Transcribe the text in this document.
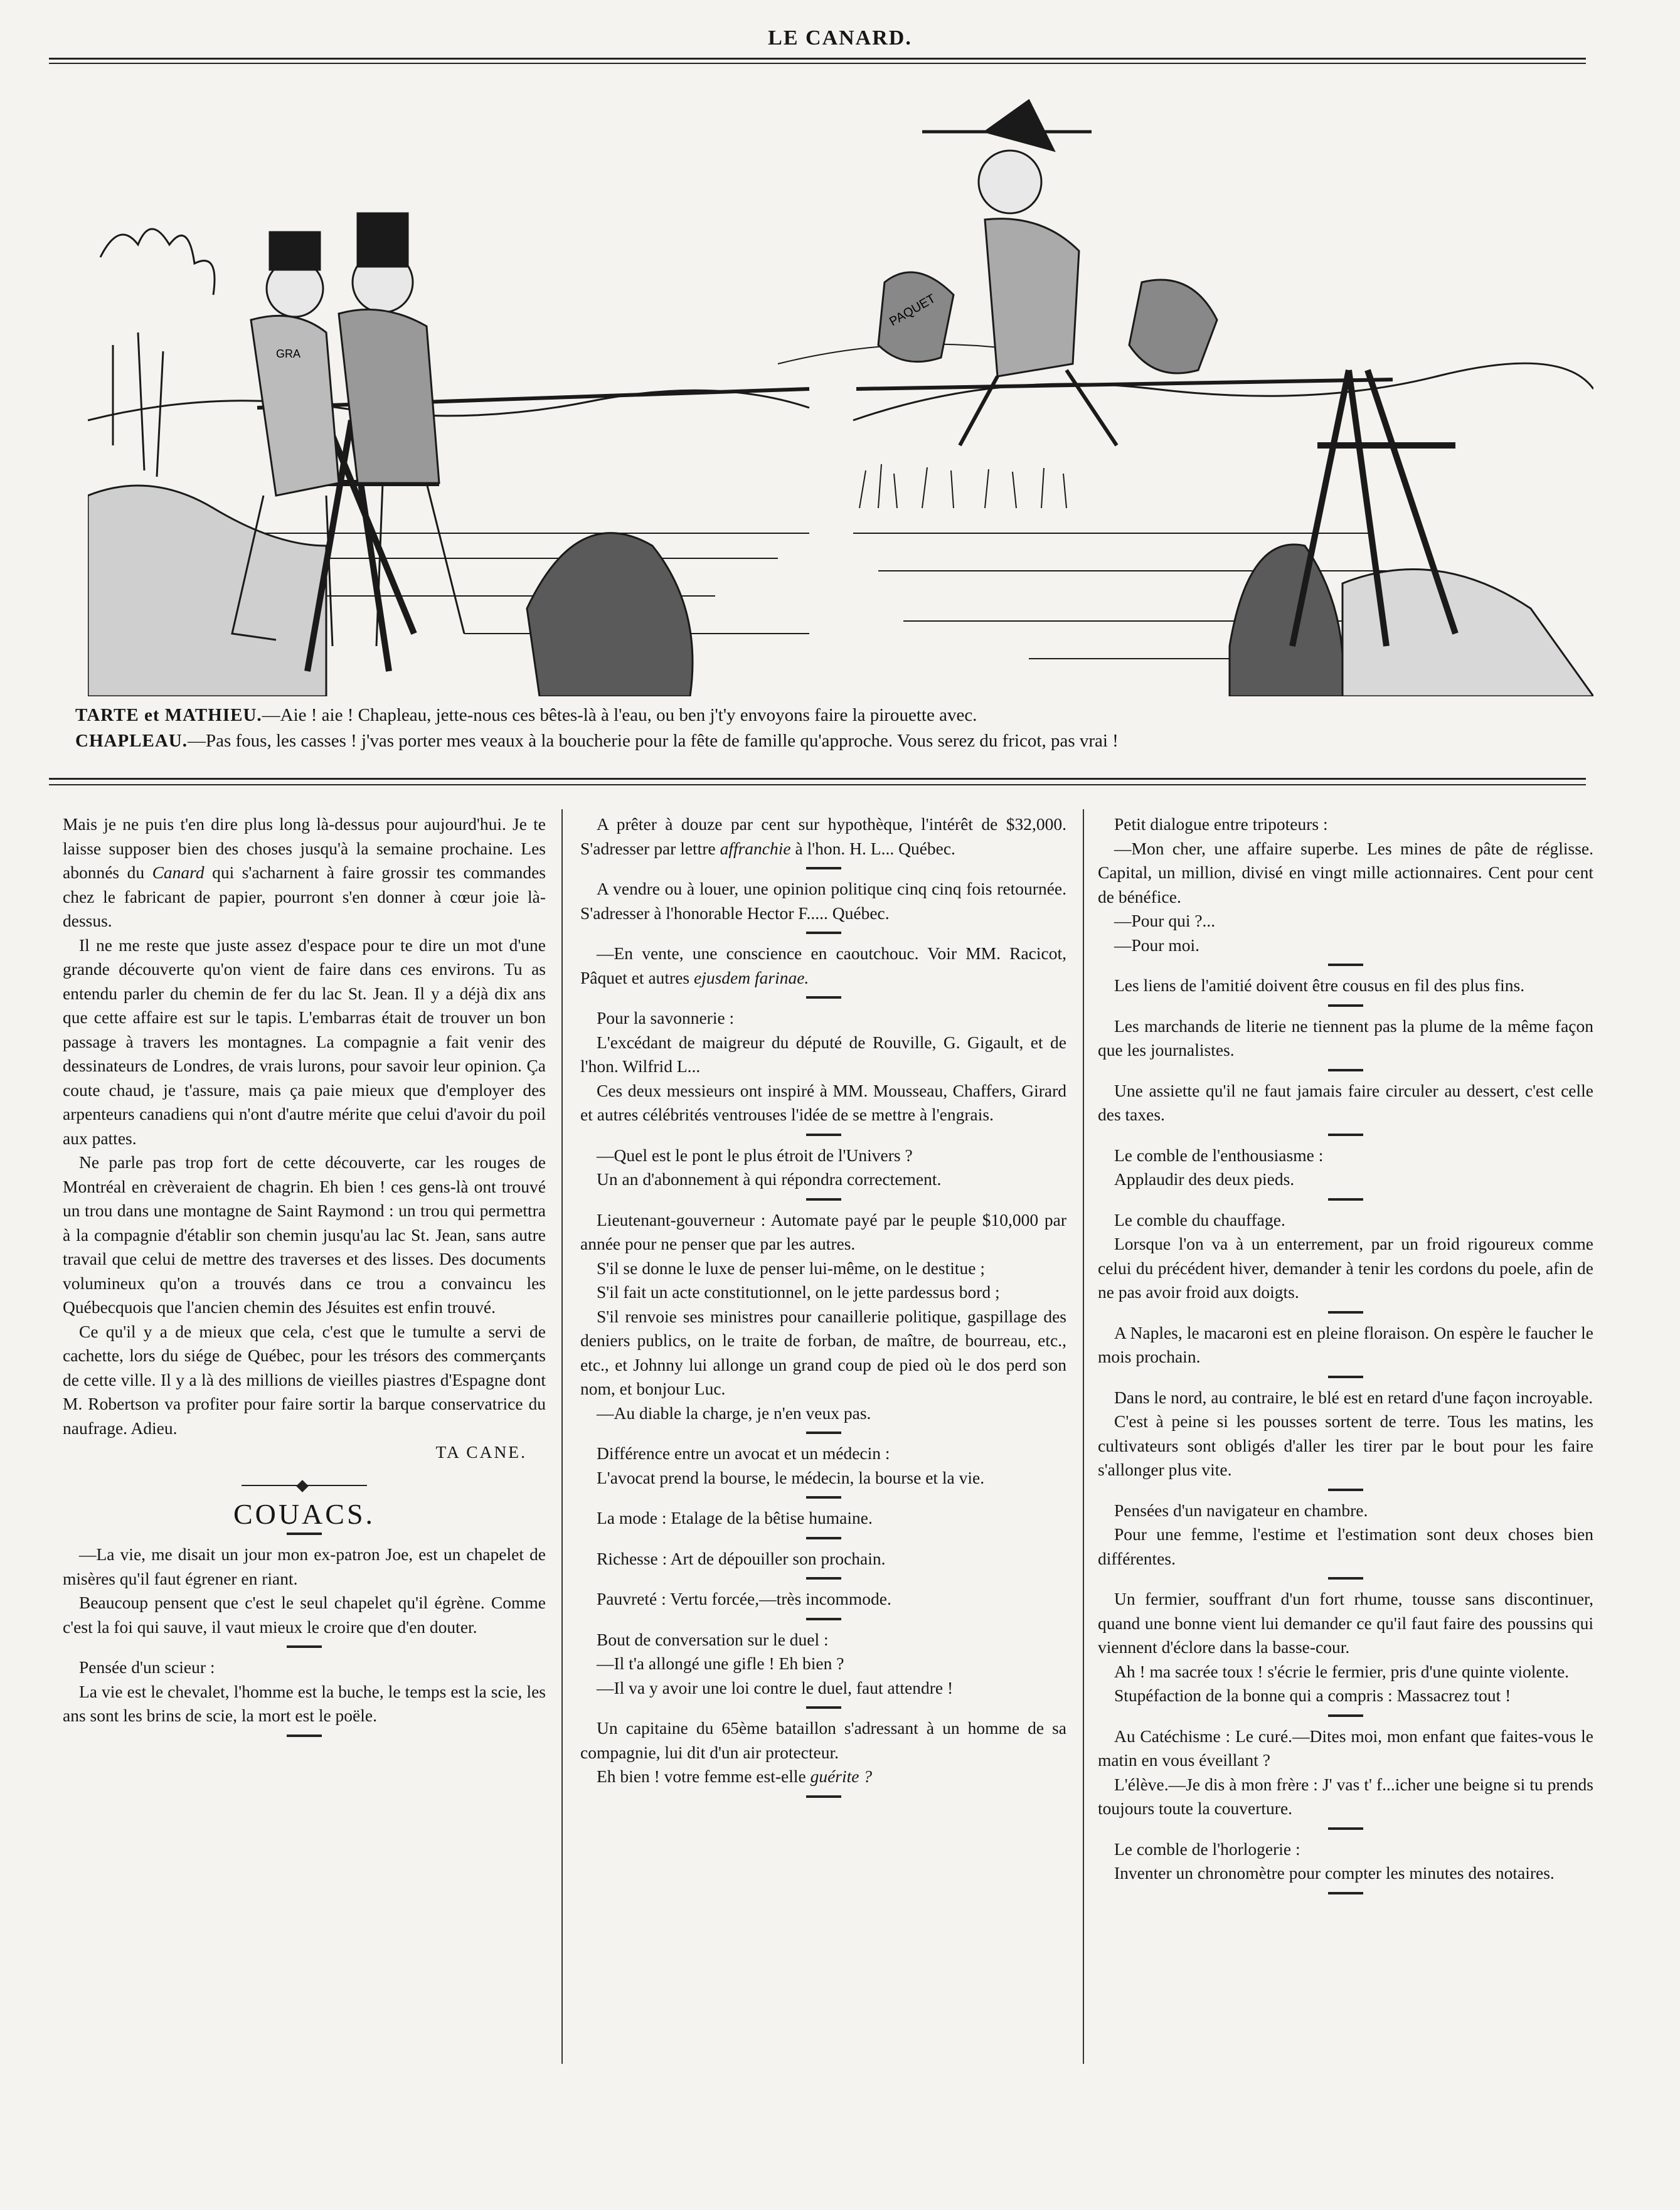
LE CANARD.
PAQUET
GRA

TARTE et MATHIEU.—Aie ! aie ! Chapleau, jette-nous ces bêtes-là à l'eau, ou ben j't'y envoyons faire la pirouette avec.

CHAPLEAU.—Pas fous, les casses ! j'vas porter mes veaux à la boucherie pour la fête de famille qu'approche. Vous serez du fricot, pas vrai !

Mais je ne puis t'en dire plus long là-dessus pour aujourd'hui. Je te laisse supposer bien des choses jusqu'à la semaine prochaine. Les abonnés du Canard qui s'acharnent à faire grossir tes commandes chez le fabricant de papier, pourront s'en donner à cœur joie là-dessus.

Il ne me reste que juste assez d'espace pour te dire un mot d'une grande découverte qu'on vient de faire dans ces environs. Tu as entendu parler du chemin de fer du lac St. Jean. Il y a déjà dix ans que cette affaire est sur le tapis. L'embarras était de trouver un bon passage à travers les montagnes. La compagnie a fait venir des dessinateurs de Londres, de vrais lurons, pour savoir leur opinion. Ça coute chaud, je t'assure, mais ça paie mieux que d'employer des arpenteurs canadiens qui n'ont d'autre mérite que celui d'avoir du poil aux pattes.

Ne parle pas trop fort de cette découverte, car les rouges de Montréal en crèveraient de chagrin. Eh bien ! ces gens-là ont trouvé un trou dans une montagne de Saint Raymond : un trou qui permettra à la compagnie d'établir son chemin jusqu'au lac St. Jean, sans autre travail que celui de mettre des traverses et des lisses. Des documents volumineux qu'on a trouvés dans ce trou a convaincu les Québecquois que l'ancien chemin des Jésuites est enfin trouvé.

Ce qu'il y a de mieux que cela, c'est que le tumulte a servi de cachette, lors du siége de Québec, pour les trésors des commerçants de cette ville. Il y a là des millions de vieilles piastres d'Espagne dont M. Robertson va profiter pour faire sortir la barque conservatrice du naufrage. Adieu.

TA CANE.

COUACS.

—La vie, me disait un jour mon ex-patron Joe, est un chapelet de misères qu'il faut égrener en riant.

Beaucoup pensent que c'est le seul chapelet qu'il égrène. Comme c'est la foi qui sauve, il vaut mieux le croire que d'en douter.

Pensée d'un scieur :

La vie est le chevalet, l'homme est la buche, le temps est la scie, les ans sont les brins de scie, la mort est le poële.

A prêter à douze par cent sur hypothèque, l'intérêt de $32,000. S'adresser par lettre affranchie à l'hon. H. L... Québec.

A vendre ou à louer, une opinion politique cinq cinq fois retournée. S'adresser à l'honorable Hector F..... Québec.

—En vente, une conscience en caoutchouc. Voir MM. Racicot, Pâquet et autres ejusdem farinae.

Pour la savonnerie :

L'excédant de maigreur du député de Rouville, G. Gigault, et de l'hon. Wilfrid L...

Ces deux messieurs ont inspiré à MM. Mousseau, Chaffers, Girard et autres célébrités ventrouses l'idée de se mettre à l'engrais.

—Quel est le pont le plus étroit de l'Univers ?

Un an d'abonnement à qui répondra correctement.

Lieutenant-gouverneur : Automate payé par le peuple $10,000 par année pour ne penser que par les autres.

S'il se donne le luxe de penser lui-même, on le destitue ;

S'il fait un acte constitutionnel, on le jette pardessus bord ;

S'il renvoie ses ministres pour canaillerie politique, gaspillage des deniers publics, on le traite de forban, de maître, de bourreau, etc., etc., et Johnny lui allonge un grand coup de pied où le dos perd son nom, et bonjour Luc.

—Au diable la charge, je n'en veux pas.

Différence entre un avocat et un médecin :

L'avocat prend la bourse, le médecin, la bourse et la vie.

La mode : Etalage de la bêtise humaine.

Richesse : Art de dépouiller son prochain.

Pauvreté : Vertu forcée,—très incommode.

Bout de conversation sur le duel :

—Il t'a allongé une gifle ! Eh bien ?

—Il va y avoir une loi contre le duel, faut attendre !

Un capitaine du 65ème bataillon s'adressant à un homme de sa compagnie, lui dit d'un air protecteur.

Eh bien ! votre femme est-elle guérite ?

Petit dialogue entre tripoteurs :

—Mon cher, une affaire superbe. Les mines de pâte de réglisse. Capital, un million, divisé en vingt mille actionnaires. Cent pour cent de bénéfice.

—Pour qui ?...

—Pour moi.

Les liens de l'amitié doivent être cousus en fil des plus fins.

Les marchands de literie ne tiennent pas la plume de la même façon que les journalistes.

Une assiette qu'il ne faut jamais faire circuler au dessert, c'est celle des taxes.

Le comble de l'enthousiasme :

Applaudir des deux pieds.

Le comble du chauffage.

Lorsque l'on va à un enterrement, par un froid rigoureux comme celui du précédent hiver, demander à tenir les cordons du poele, afin de ne pas avoir froid aux doigts.

A Naples, le macaroni est en pleine floraison. On espère le faucher le mois prochain.

Dans le nord, au contraire, le blé est en retard d'une façon incroyable.

C'est à peine si les pousses sortent de terre. Tous les matins, les cultivateurs sont obligés d'aller les tirer par le bout pour les faire s'allonger plus vite.

Pensées d'un navigateur en chambre.

Pour une femme, l'estime et l'estimation sont deux choses bien différentes.

Un fermier, souffrant d'un fort rhume, tousse sans discontinuer, quand une bonne vient lui demander ce qu'il faut faire des poussins qui viennent d'éclore dans la basse-cour.

Ah ! ma sacrée toux ! s'écrie le fermier, pris d'une quinte violente.

Stupéfaction de la bonne qui a compris : Massacrez tout !

Au Catéchisme : Le curé.—Dites moi, mon enfant que faites-vous le matin en vous éveillant ?

L'élève.—Je dis à mon frère : J' vas t' f...icher une beigne si tu prends toujours toute la couverture.

Le comble de l'horlogerie :

Inventer un chronomètre pour compter les minutes des notaires.
